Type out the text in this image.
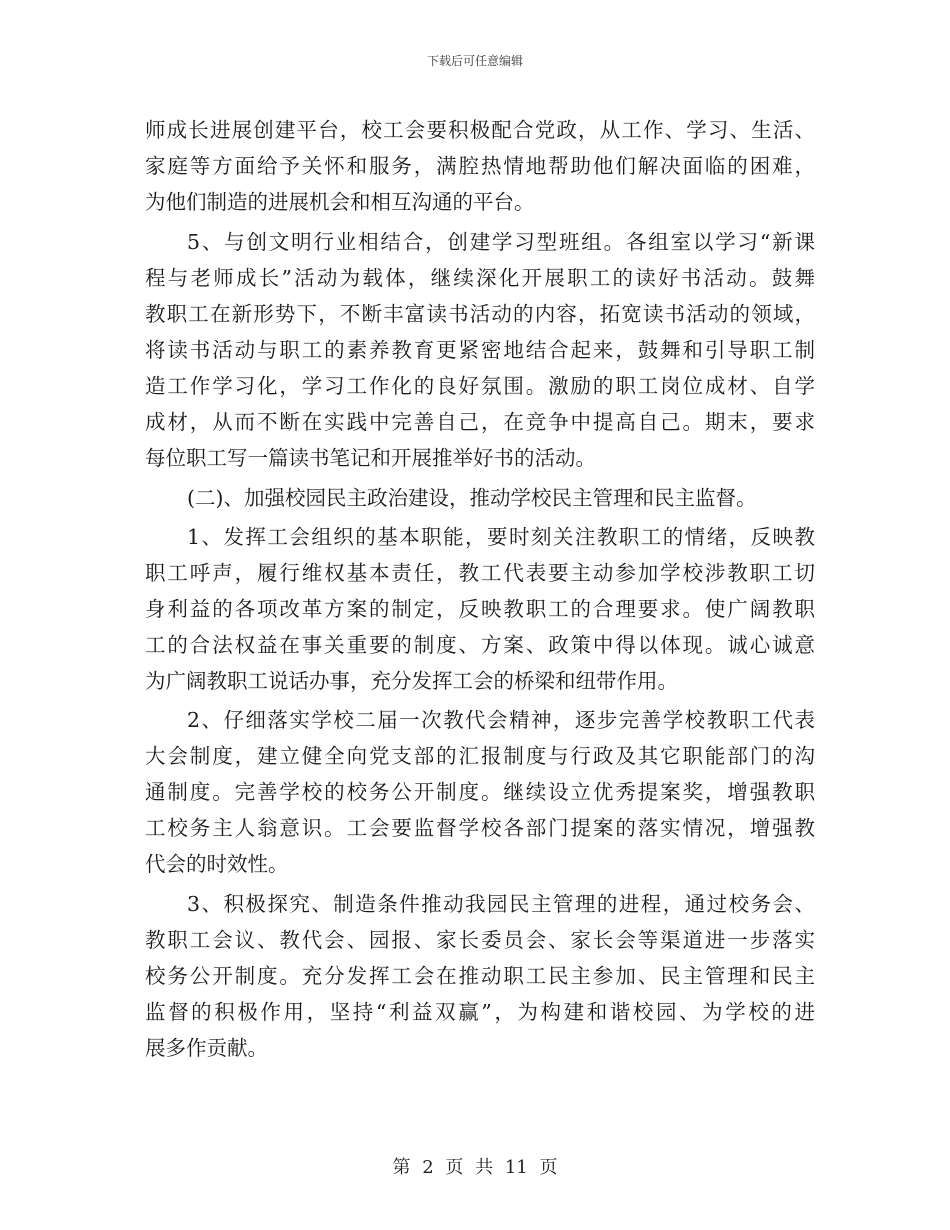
下载后可任意编辑
师成长进展创建平台，校工会要积极配合党政，从工作、学习、生活、
家庭等方面给予关怀和服务，满腔热情地帮助他们解决面临的困难，
为他们制造的进展机会和相互沟通的平台。
5、与创文明行业相结合，创建学习型班组。各组室以学习“新课
程与老师成长”活动为载体，继续深化开展职工的读好书活动。鼓舞
教职工在新形势下，不断丰富读书活动的内容，拓宽读书活动的领域，
将读书活动与职工的素养教育更紧密地结合起来，鼓舞和引导职工制
造工作学习化，学习工作化的良好氛围。激励的职工岗位成材、自学
成材，从而不断在实践中完善自己，在竞争中提高自己。期末，要求
每位职工写一篇读书笔记和开展推举好书的活动。
(二)、加强校园民主政治建设，推动学校民主管理和民主监督。
1、发挥工会组织的基本职能，要时刻关注教职工的情绪，反映教
职工呼声，履行维权基本责任，教工代表要主动参加学校涉教职工切
身利益的各项改革方案的制定，反映教职工的合理要求。使广阔教职
工的合法权益在事关重要的制度、方案、政策中得以体现。诚心诚意
为广阔教职工说话办事，充分发挥工会的桥梁和纽带作用。
2、仔细落实学校二届一次教代会精神，逐步完善学校教职工代表
大会制度，建立健全向党支部的汇报制度与行政及其它职能部门的沟
通制度。完善学校的校务公开制度。继续设立优秀提案奖，增强教职
工校务主人翁意识。工会要监督学校各部门提案的落实情况，增强教
代会的时效性。
3、积极探究、制造条件推动我园民主管理的进程，通过校务会、
教职工会议、教代会、园报、家长委员会、家长会等渠道进一步落实
校务公开制度。充分发挥工会在推动职工民主参加、民主管理和民主
监督的积极作用，坚持“利益双赢”，为构建和谐校园、为学校的进
展多作贡献。
第 2 页 共 11 页
